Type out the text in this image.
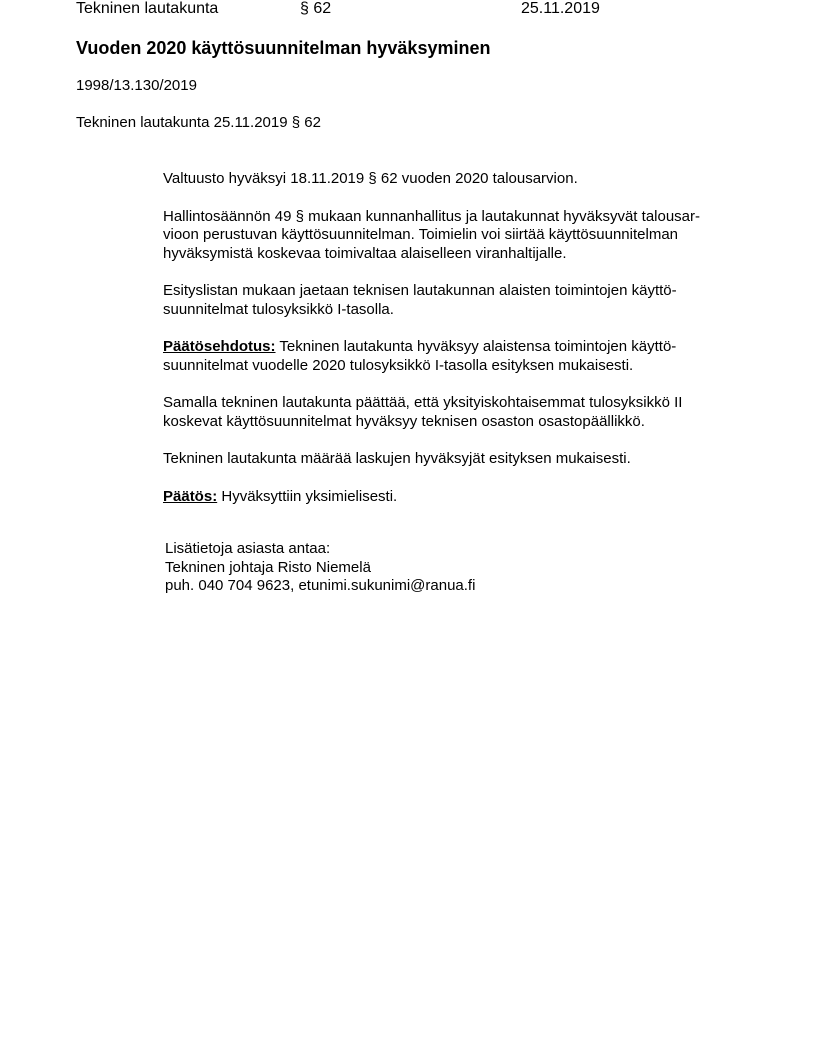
Tekninen lautakunta	§ 62	25.11.2019
Vuoden 2020 käyttösuunnitelman hyväksyminen
1998/13.130/2019
Tekninen lautakunta 25.11.2019 § 62

Valtuusto hyväksyi 18.11.2019 § 62 vuoden 2020 talousarvion.

Hallintosäännön 49 § mukaan kunnanhallitus ja lautakunnat hyväksyvät talousar-
vioon perustuvan käyttösuunnitelman. Toimielin voi siirtää käyttösuunnitelman
hyväksymistä koskevaa toimivaltaa alaiselleen viranhaltijalle.

Esityslistan mukaan jaetaan teknisen lautakunnan alaisten toimintojen käyttö-
suunnitelmat tulosyksikkö I-tasolla.

Päätösehdotus: Tekninen lautakunta hyväksyy alaistensa toimintojen käyttö-
suunnitelmat vuodelle 2020 tulosyksikkö I-tasolla esityksen mukaisesti.

Samalla tekninen lautakunta päättää, että yksityiskohtaisemmat tulosyksikkö II
koskevat käyttösuunnitelmat hyväksyy teknisen osaston osastopäällikkö.

Tekninen lautakunta määrää laskujen hyväksyjät esityksen mukaisesti.

Päätös: Hyväksyttiin yksimielisesti.

Lisätietoja asiasta antaa:
Tekninen johtaja Risto Niemelä
puh. 040 704 9623, etunimi.sukunimi@ranua.fi
